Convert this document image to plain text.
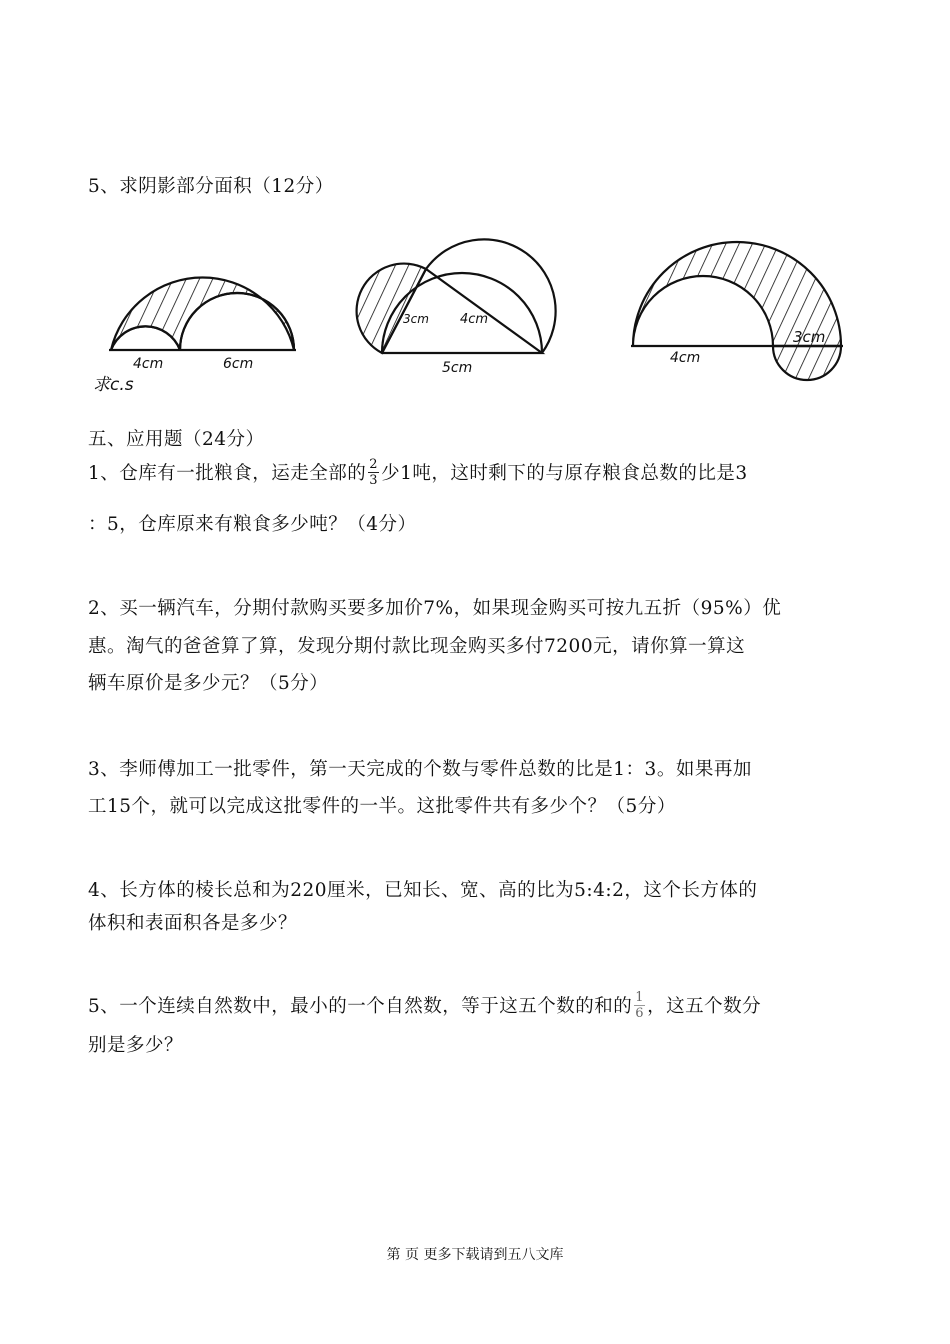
5、求阴影部分面积（12分）
4cm	6cm
求c.s
3cm 4cm
5cm
4cm
3cm
五、应用题（24分）
1、仓库有一批粮食，运走全部的 $\frac{2}{3}$ 少1吨，这时剩下的与原存粮食总数的比是3
：5，仓库原来有粮食多少吨？（4分）
2、买一辆汽车，分期付款购买要多加价7%，如果现金购买可按九五折（95%）优
惠。淘气的爸爸算了算，发现分期付款比现金购买多付7200元，请你算一算这
辆车原价是多少元？（5分）
3、李师傅加工一批零件，第一天完成的个数与零件总数的比是1：3。如果再加
工15个，就可以完成这批零件的一半。这批零件共有多少个？（5分）
4、长方体的棱长总和为220厘米，已知长、宽、高的比为5:4:2，这个长方体的
体积和表面积各是多少？
5、一个连续自然数中，最小的一个自然数，等于这五个数的和的 $\frac{1}{6}$ ，这五个数分
别是多少？
第 页 更多下载请到五八文库
